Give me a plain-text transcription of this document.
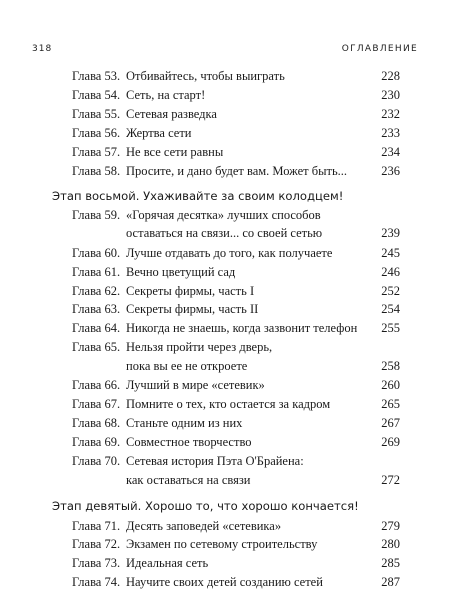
318	ОГЛАВЛЕНИЕ
Глава 53. Отбивайтесь, чтобы выиграть	228
Глава 54. Сеть, на старт!	230
Глава 55. Сетевая разведка	232
Глава 56. Жертва сети	233
Глава 57. Не все сети равны	234
Глава 58. Просите, и дано будет вам. Может быть...	236
Этап восьмой. Ухаживайте за своим колодцем!
Глава 59. «Горячая десятка» лучших способов
оставаться на связи... со своей сетью	239
Глава 60. Лучше отдавать до того, как получаете	245
Глава 61. Вечно цветущий сад	246
Глава 62. Секреты фирмы, часть I	252
Глава 63. Секреты фирмы, часть II	254
Глава 64. Никогда не знаешь, когда зазвонит телефон 255
Глава 65. Нельзя пройти через дверь,
пока вы ее не откроете	258
Глава 66. Лучший в мире «сетевик»	260
Глава 67. Помните о тех, кто остается за кадром	265
Глава 68. Станьте одним из них	267
Глава 69. Совместное творчество	269
Глава 70. Сетевая история Пэта О'Брайена:
как оставаться на связи	272
Этап девятый. Хорошо то, что хорошо кончается!
Глава 71. Десять заповедей «сетевика»	279
Глава 72. Экзамен по сетевому строительству	280
Глава 73. Идеальная сеть	285
Глава 74. Научите своих детей созданию сетей	287
